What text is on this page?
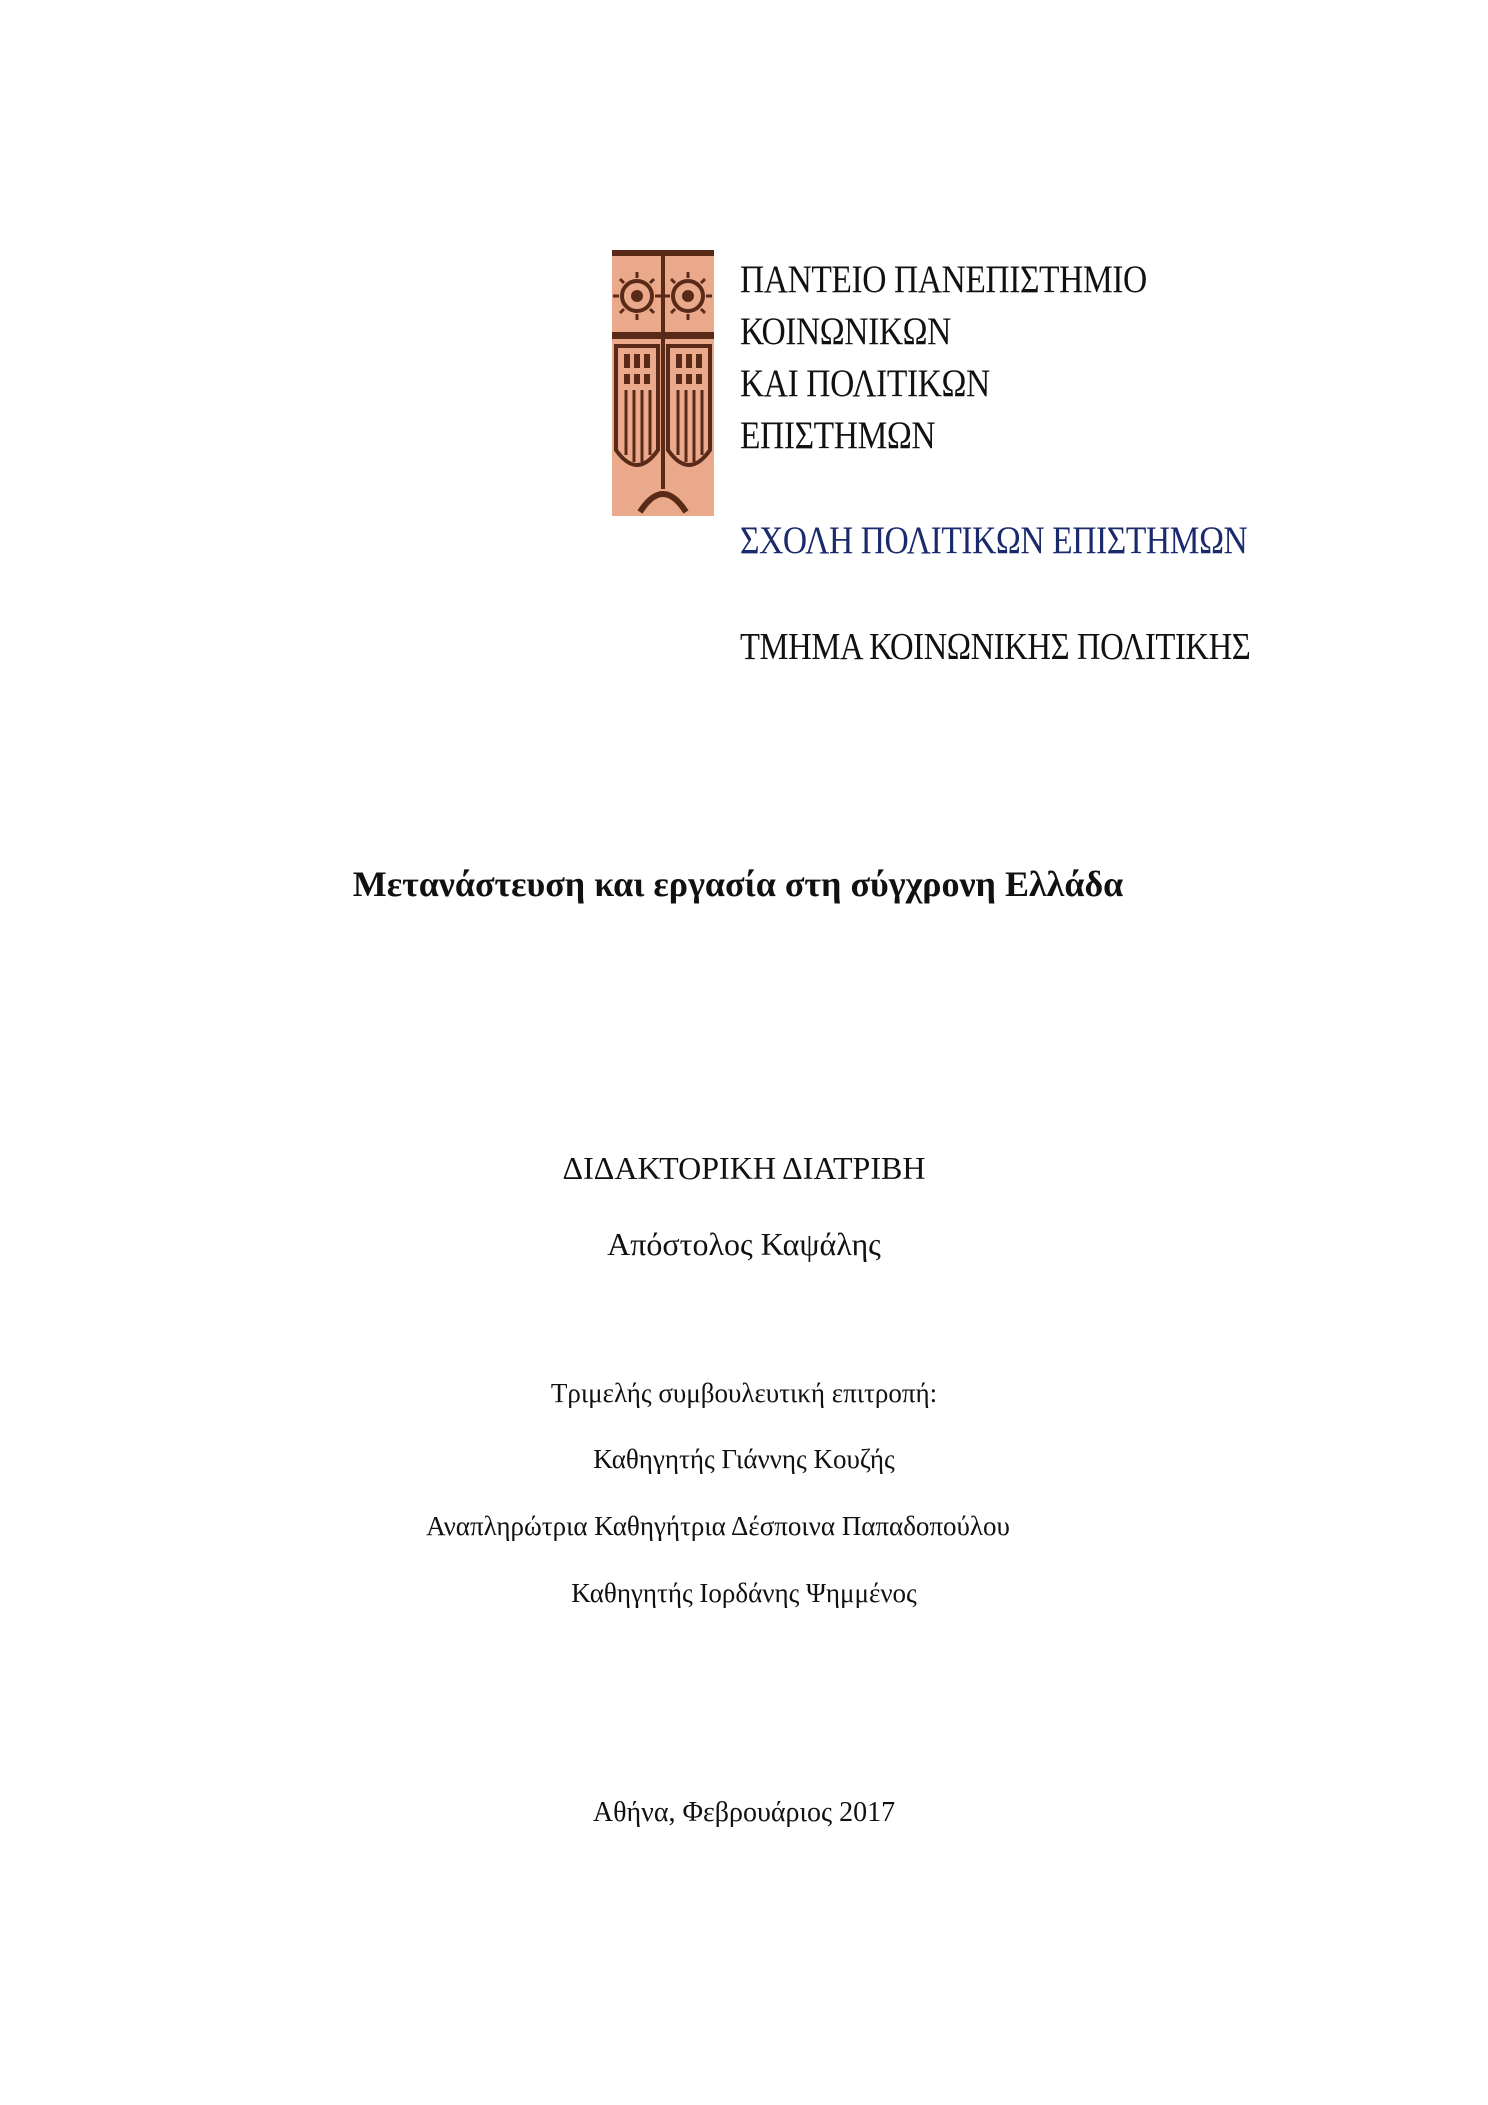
ΠΑΝΤΕΙΟ ΠΑΝΕΠΙΣΤΗΜΙΟ
ΚΟΙΝΩΝΙΚΩΝ
ΚΑΙ ΠΟΛΙΤΙΚΩΝ
ΕΠΙΣΤΗΜΩΝ
ΣΧΟΛΗ ΠΟΛΙΤΙΚΩΝ ΕΠΙΣΤΗΜΩΝ
ΤΜΗΜΑ ΚΟΙΝΩΝΙΚΗΣ ΠΟΛΙΤΙΚΗΣ
Μετανάστευση και εργασία στη σύγχρονη Ελλάδα
ΔΙΔΑΚΤΟΡΙΚΗ ΔΙΑΤΡΙΒΗ
Απόστολος Καψάλης
Τριμελής συμβουλευτική επιτροπή:
Καθηγητής Γιάννης Κουζής
Αναπληρώτρια Καθηγήτρια Δέσποινα Παπαδοπούλου
Καθηγητής Ιορδάνης Ψημμένος
Αθήνα, Φεβρουάριος 2017
